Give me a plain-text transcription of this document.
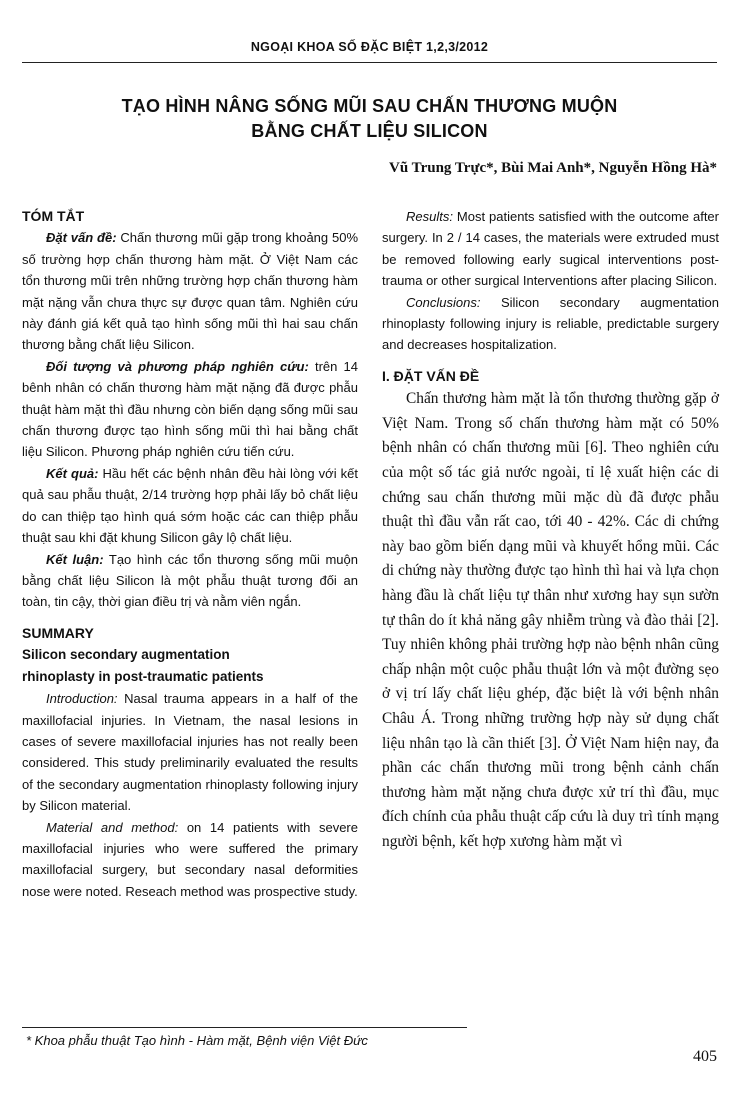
NGOẠI KHOA SỐ ĐẶC BIỆT 1,2,3/2012
TẠO HÌNH NÂNG SỐNG MŨI SAU CHẤN THƯƠNG MUỘN
BẰNG CHẤT LIỆU SILICON
Vũ Trung Trực*, Bùi Mai Anh*, Nguyễn Hồng Hà*

TÓM TẮT

Đặt vấn đề: Chấn thương mũi gặp trong khoảng 50% số trường hợp chấn thương hàm mặt. Ở Việt Nam các tổn thương mũi trên những trường hợp chấn thương hàm mặt nặng vẫn chưa thực sự được quan tâm. Nghiên cứu này đánh giá kết quả tạo hình sống mũi thì hai sau chấn thương bằng chất liệu Silicon.

Đối tượng và phương pháp nghiên cứu: trên 14 bênh nhân có chấn thương hàm mặt nặng đã được phẫu thuật hàm mặt thì đầu nhưng còn biến dạng sống mũi sau chấn thương được tạo hình sống mũi thì hai bằng chất liệu Silicon. Phương pháp nghiên cứu tiến cứu.

Kết quả: Hầu hết các bệnh nhân đều hài lòng với kết quả sau phẫu thuật, 2/14 trường hợp phải lấy bỏ chất liệu do can thiệp tạo hình quá sớm hoặc các can thiệp phẫu thuật sau khi đặt khung Silicon gây lộ chất liệu.

Kết luận: Tạo hình các tổn thương sống mũi muộn bằng chất liệu Silicon là một phẫu thuật tương đối an toàn, tin cậy, thời gian điều trị và nằm viên ngắn.

SUMMARY

Silicon secondary augmentation

rhinoplasty in post-traumatic patients

Introduction: Nasal trauma appears in a half of the maxillofacial injuries. In Vietnam, the nasal lesions in cases of severe maxillofacial injuries has not really been considered. This study preliminarily evaluated the results of the secondary augmentation rhinoplasty following injury by Silicon material.

Material and method: on 14 patients with severe maxillofacial injuries who were suffered the primary maxillofacial surgery, but secondary nasal deformities nose were noted. Reseach method was prospective study.

Results: Most patients satisfied with the outcome after surgery. In 2 / 14 cases, the materials were extruded must be removed following early sugical interventions post-trauma or other surgical Interventions after placing Silicon.

Conclusions: Silicon secondary augmentation rhinoplasty following injury is reliable, predictable surgery and decreases hospitalization.

I. ĐẶT VẤN ĐỀ

Chấn thương hàm mặt là tổn thương thường gặp ở Việt Nam. Trong số chấn thương hàm mặt có 50% bệnh nhân có chấn thương mũi [6]. Theo nghiên cứu của một số tác giả nước ngoài, tỉ lệ xuất hiện các di chứng sau chấn thương mũi mặc dù đã được phẫu thuật thì đầu vẫn rất cao, tới 40 - 42%. Các di chứng này bao gồm biến dạng mũi và khuyết hổng mũi. Các di chứng này thường được tạo hình thì hai và lựa chọn hàng đầu là chất liệu tự thân như xương hay sụn sườn tự thân do ít khả năng gây nhiễm trùng và đào thải [2]. Tuy nhiên không phải trường hợp nào bệnh nhân cũng chấp nhận một cuộc phẫu thuật lớn và một đường sẹo ở vị trí lấy chất liệu ghép, đặc biệt là với bệnh nhân Châu Á. Trong những trường hợp này sử dụng chất liệu nhân tạo là cần thiết [3]. Ở Việt Nam hiện nay, đa phần các chấn thương mũi trong bệnh cảnh chấn thương hàm mặt nặng chưa được xử trí thì đầu, mục đích chính của phẫu thuật cấp cứu là duy trì tính mạng người bệnh, kết hợp xương hàm mặt vì

* Khoa phẫu thuật Tạo hình - Hàm mặt, Bệnh viện Việt Đức
405
